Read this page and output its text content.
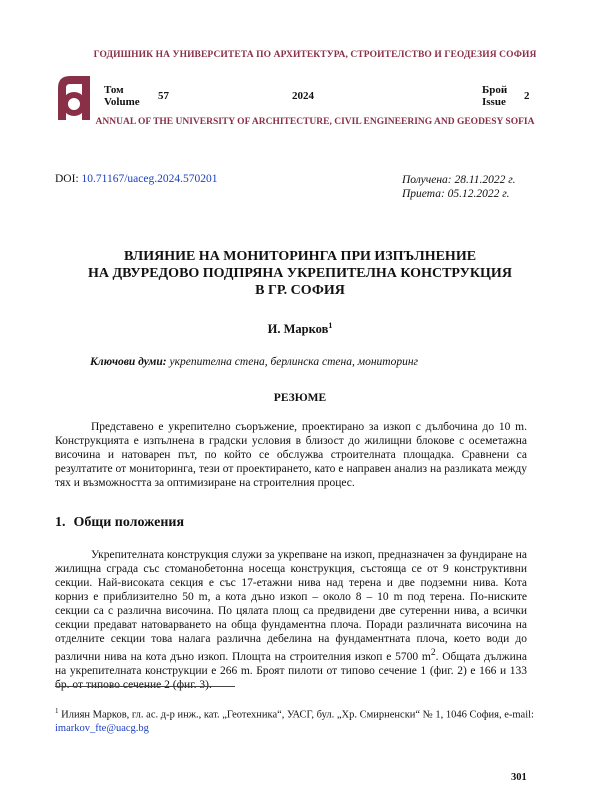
ГОДИШНИК НА УНИВЕРСИТЕТА ПО АРХИТЕКТУРА, СТРОИТЕЛСТВО И ГЕОДЕЗИЯ СОФИЯ
Том
Volume 57	2024	Брой
Issue 2
ANNUAL OF THE UNIVERSITY OF ARCHITECTURE, CIVIL ENGINEERING AND GEODESY SOFIA
DOI: 10.71167/uaceg.2024.570201	Получена: 28.11.2022 г.
Приета: 05.12.2022 г.
ВЛИЯНИЕ НА МОНИТОРИНГА ПРИ ИЗПЪЛНЕНИЕ
НА ДВУРЕДОВО ПОДПРЯНА УКРЕПИТЕЛНА КОНСТРУКЦИЯ
В ГР. СОФИЯ
И. Марков$^1$
Ключови думи: укрепителна стена, берлинска стена, мониторинг
РЕЗЮМЕ

Представено е укрепително съоръжение, проектирано за изкоп с дълбочина до 10 m. Конструкцията е изпълнена в градски условия в близост до жилищни блокове с осеметажна височина и натоварен път, по който се обслужва строителната площадка. Сравнени са резултатите от мониторинга, тези от проектирането, като е направен анализ на разликата между тях и възможността за оптимизиране на строителния процес.

1. Общи положения

Укрепителната конструкция служи за укрепване на изкоп, предназначен за фундиране на жилищна сграда със стоманобетонна носеща конструкция, състояща се от 9 конструктивни секции. Най-високата секция е със 17-етажни нива над терена и две подземни нива. Кота корниз е приблизително 50 m, а кота дъно изкоп – около 8 – 10 m под терена. По-ниските секции са с различна височина. По цялата площ са предвидени две сутеренни нива, а всички секции предават натоварването на обща фундаментна плоча. Поради различната височина на отделните секции това налага различна дебелина на фундаментната плоча, което води до различни нива на кота дъно изкоп. Площта на строителния изкоп е 5700 $m^2$. Общата дължина на укрепителната конструкции е 266 m. Броят пилоти от типово сечение 1 (фиг. 2) е 166 и 133 бр. от типово сечение 2 (фиг. 3).

$^1$ Илиян Марков, гл. ас. д-р инж., кат. „Геотехника“, УАСГ, бул. „Хр. Смирненски“ № 1, 1046 София, e-mail: imarkov_fte@uacg.bg
301
